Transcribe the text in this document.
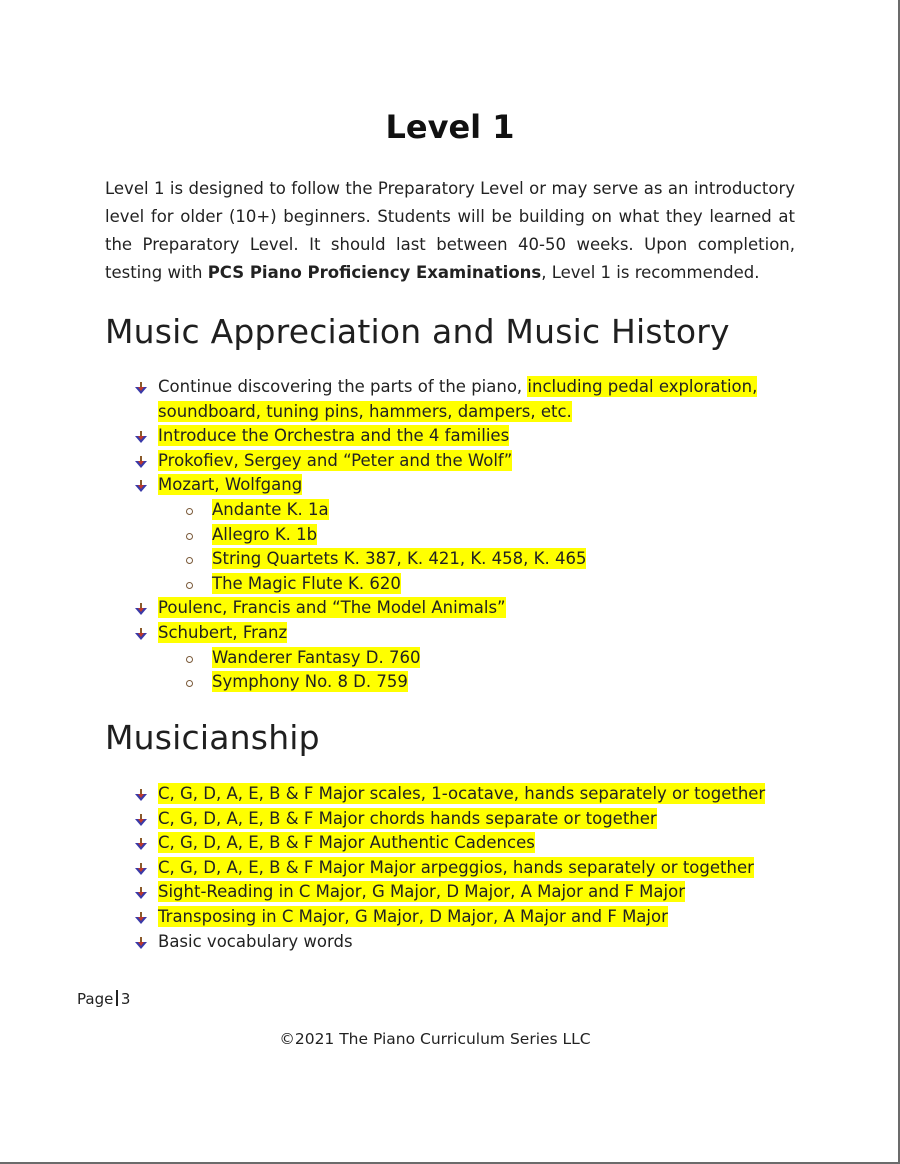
Level 1
Level 1 is designed to follow the Preparatory Level or may serve as an introductory level for older (10+) beginners. Students will be building on what they learned at the Preparatory Level. It should last between 40-50 weeks. Upon completion, testing with PCS Piano Proficiency Examinations, Level 1 is recommended.
Music Appreciation and Music History
Continue discovering the parts of the piano, including pedal exploration, soundboard, tuning pins, hammers, dampers, etc.
Introduce the Orchestra and the 4 families
Prokofiev, Sergey and “Peter and the Wolf”
Mozart, Wolfgang
Andante K. 1a
Allegro K. 1b
String Quartets K. 387, K. 421, K. 458, K. 465
The Magic Flute K. 620
Poulenc, Francis and “The Model Animals”
Schubert, Franz
Wanderer Fantasy D. 760
Symphony No. 8 D. 759
Musicianship
C, G, D, A, E, B & F Major scales, 1-ocatave, hands separately or together
C, G, D, A, E, B & F Major chords hands separate or together
C, G, D, A, E, B & F Major Authentic Cadences
C, G, D, A, E, B & F Major Major arpeggios, hands separately or together
Sight-Reading in C Major, G Major, D Major, A Major and F Major
Transposing in C Major, G Major, D Major, A Major and F Major
Basic vocabulary words
Page 3
©2021 The Piano Curriculum Series LLC
